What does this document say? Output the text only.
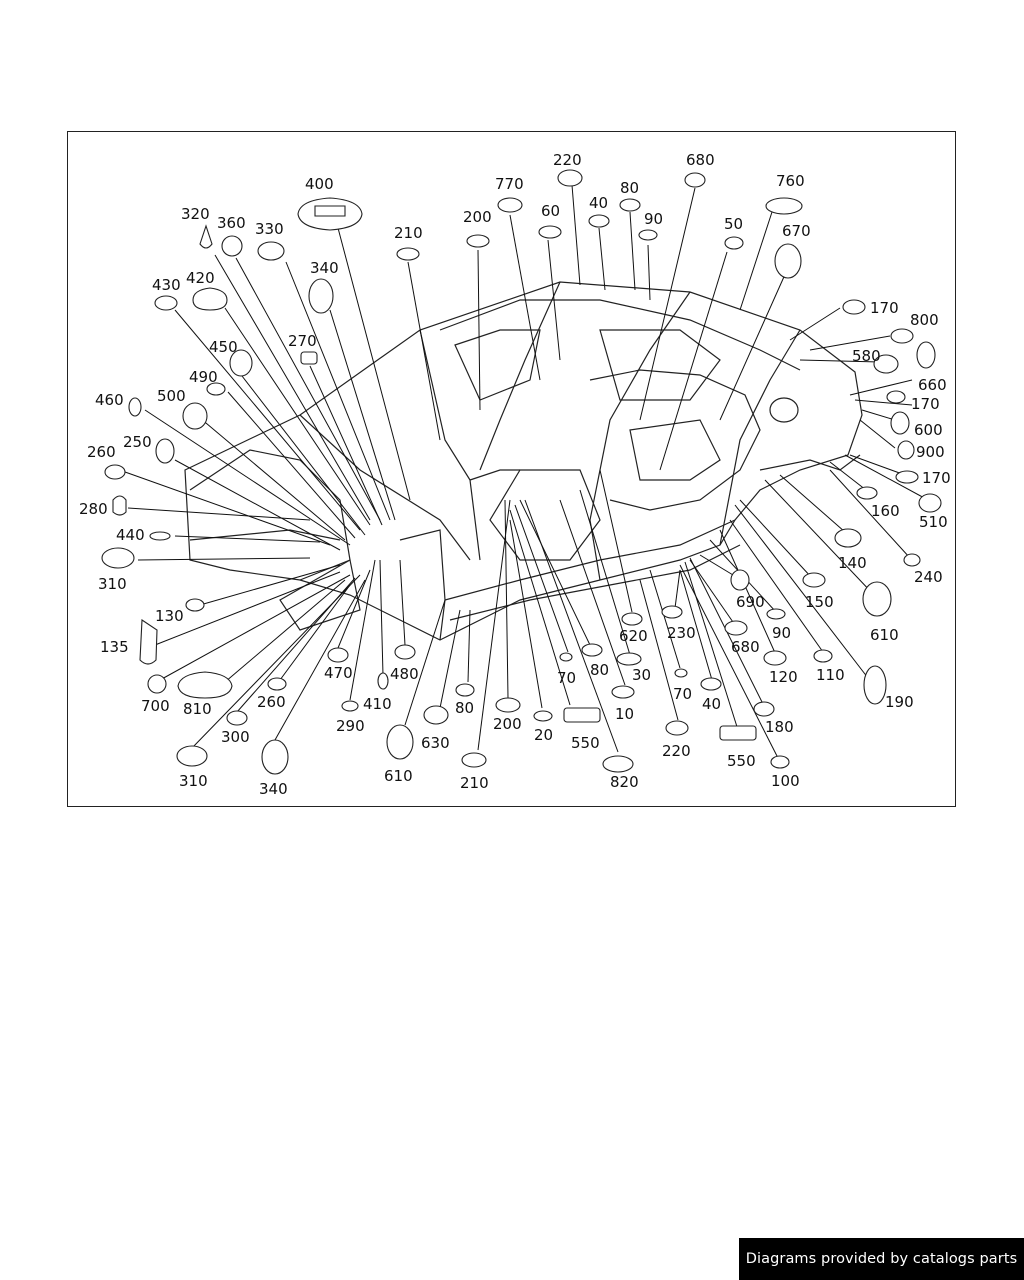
400
320 360 330
340
430 420
450	270
490
460 500
260
250
280
440
310
130
135
700 810	260
300
310	340
470
290
410
480
610
630
80
210
200
20 550
70 80
820
10
30
620
220
70
230
40
680
550
180
100
690
90
120 110
150
190
610
140
240
160
510
170
900
600
170
660
580
800
170
670
760
50
680
90
80
40
220
60
770
200
210
Diagrams provided by catalogs parts
